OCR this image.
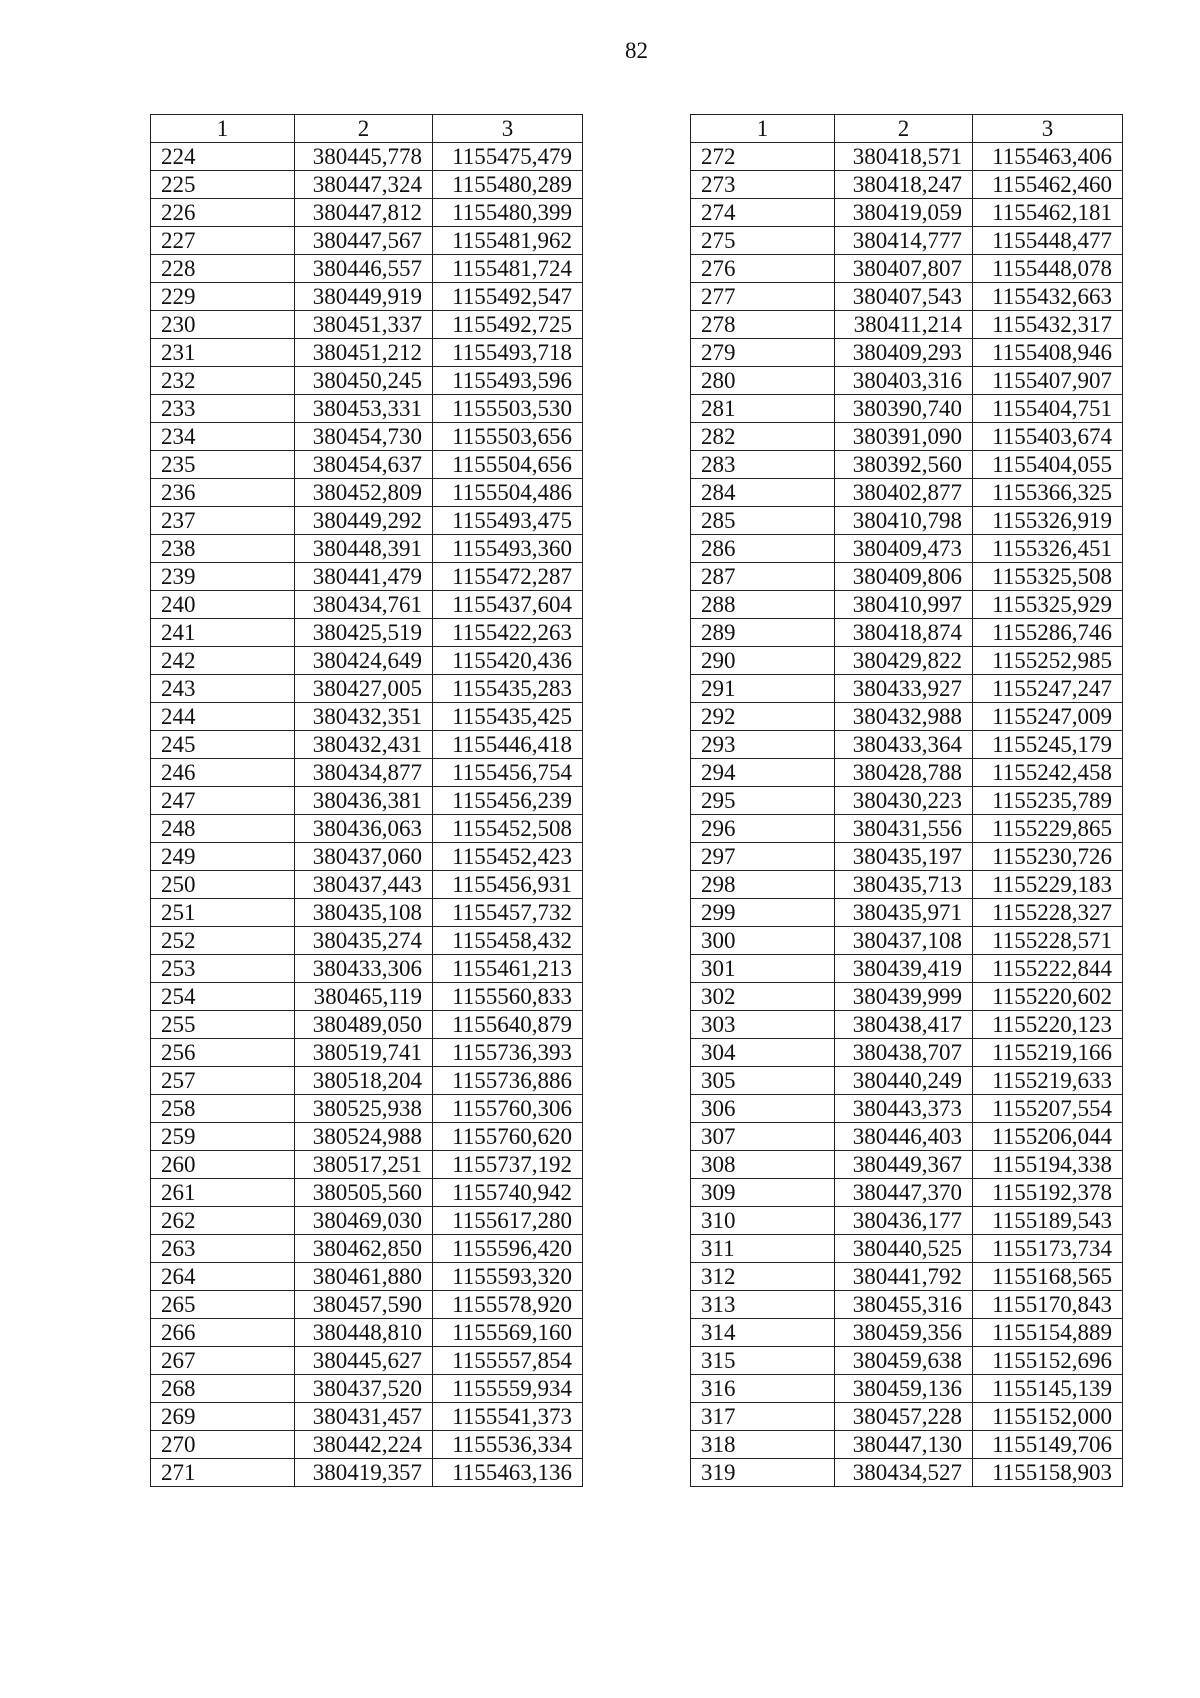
82
1	2	3
224	380445,778	1155475,479
225	380447,324	1155480,289
226	380447,812	1155480,399
227	380447,567	1155481,962
228	380446,557	1155481,724
229	380449,919	1155492,547
230	380451,337	1155492,725
231	380451,212	1155493,718
232	380450,245	1155493,596
233	380453,331	1155503,530
234	380454,730	1155503,656
235	380454,637	1155504,656
236	380452,809	1155504,486
237	380449,292	1155493,475
238	380448,391	1155493,360
239	380441,479	1155472,287
240	380434,761	1155437,604
241	380425,519	1155422,263
242	380424,649	1155420,436
243	380427,005	1155435,283
244	380432,351	1155435,425
245	380432,431	1155446,418
246	380434,877	1155456,754
247	380436,381	1155456,239
248	380436,063	1155452,508
249	380437,060	1155452,423
250	380437,443	1155456,931
251	380435,108	1155457,732
252	380435,274	1155458,432
253	380433,306	1155461,213
254	380465,119	1155560,833
255	380489,050	1155640,879
256	380519,741	1155736,393
257	380518,204	1155736,886
258	380525,938	1155760,306
259	380524,988	1155760,620
260	380517,251	1155737,192
261	380505,560	1155740,942
262	380469,030	1155617,280
263	380462,850	1155596,420
264	380461,880	1155593,320
265	380457,590	1155578,920
266	380448,810	1155569,160
267	380445,627	1155557,854
268	380437,520	1155559,934
269	380431,457	1155541,373
270	380442,224	1155536,334
271	380419,357	1155463,136
1	2	3
272	380418,571	1155463,406
273	380418,247	1155462,460
274	380419,059	1155462,181
275	380414,777	1155448,477
276	380407,807	1155448,078
277	380407,543	1155432,663
278	380411,214	1155432,317
279	380409,293	1155408,946
280	380403,316	1155407,907
281	380390,740	1155404,751
282	380391,090	1155403,674
283	380392,560	1155404,055
284	380402,877	1155366,325
285	380410,798	1155326,919
286	380409,473	1155326,451
287	380409,806	1155325,508
288	380410,997	1155325,929
289	380418,874	1155286,746
290	380429,822	1155252,985
291	380433,927	1155247,247
292	380432,988	1155247,009
293	380433,364	1155245,179
294	380428,788	1155242,458
295	380430,223	1155235,789
296	380431,556	1155229,865
297	380435,197	1155230,726
298	380435,713	1155229,183
299	380435,971	1155228,327
300	380437,108	1155228,571
301	380439,419	1155222,844
302	380439,999	1155220,602
303	380438,417	1155220,123
304	380438,707	1155219,166
305	380440,249	1155219,633
306	380443,373	1155207,554
307	380446,403	1155206,044
308	380449,367	1155194,338
309	380447,370	1155192,378
310	380436,177	1155189,543
311	380440,525	1155173,734
312	380441,792	1155168,565
313	380455,316	1155170,843
314	380459,356	1155154,889
315	380459,638	1155152,696
316	380459,136	1155145,139
317	380457,228	1155152,000
318	380447,130	1155149,706
319	380434,527	1155158,903
